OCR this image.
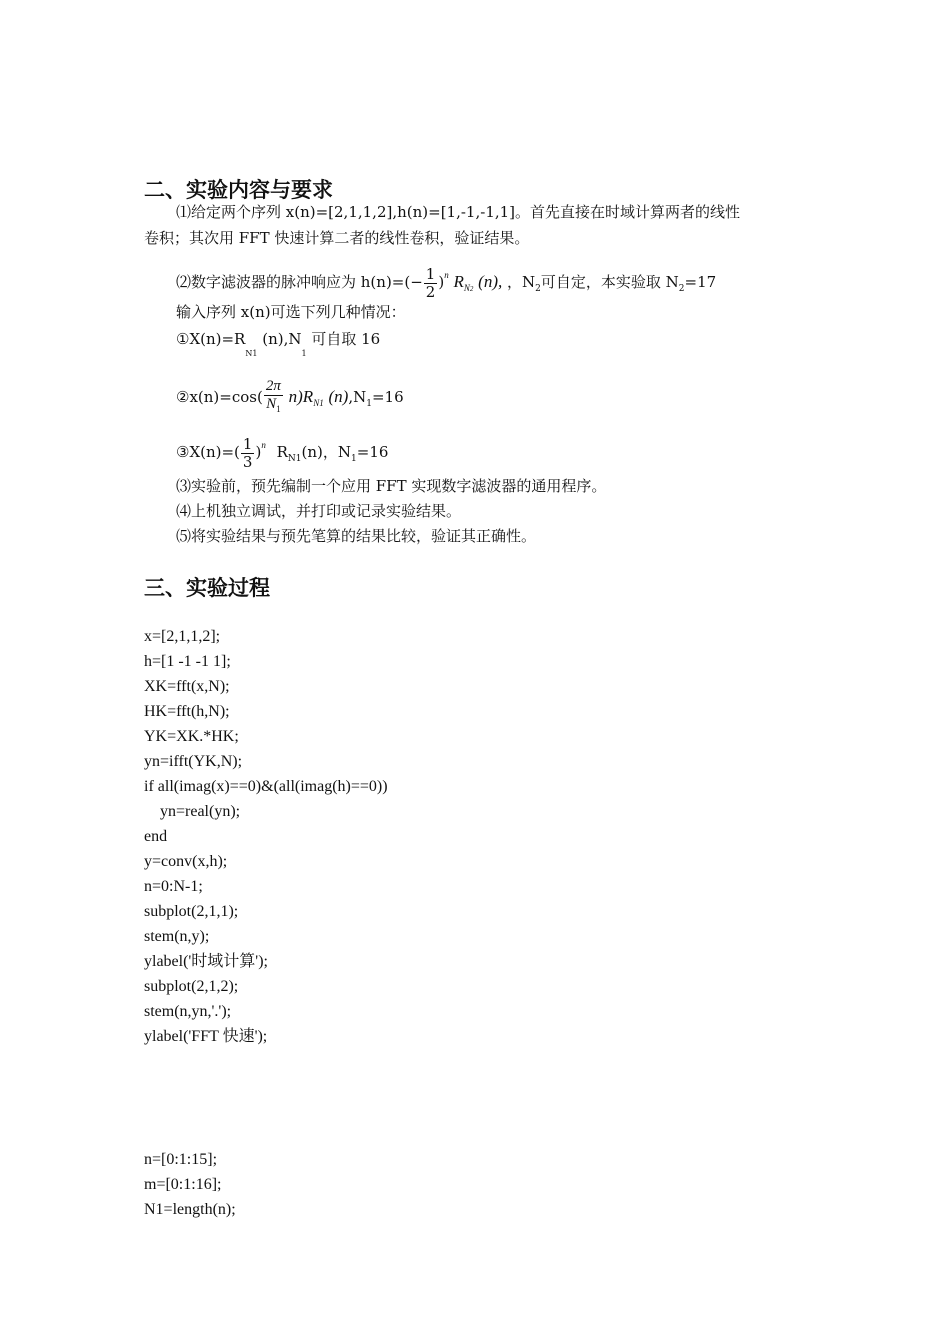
二、实验内容与要求
⑴给定两个序列 x(n)=[2,1,1,2],h(n)=[1,-1,-1,1]。首先直接在时域计算两者的线性
卷积；其次用 FFT 快速计算二者的线性卷积，验证结果。
⑵数字滤波器的脉冲响应为 $h(n)=(- \frac{1}{2} )^n$ $R_{N2}$ (n), ，$N_2$可自定，本实验取 $N_2=17$
输入序列 x(n)可选下列几种情况：
$①X(n)=R_{N1}$ $(n),N_1$ 可自取 16
②x(n)=cos( $\frac{2\pi}{N_1} n)R_{N1}$ $(n),N_1=16$
③X(n)=( $\frac{1}{3} )^n$ $R_{N1}(n)$，$N_1=16$
⑶实验前，预先编制一个应用 FFT 实现数字滤波器的通用程序。
⑷上机独立调试，并打印或记录实验结果。
⑸将实验结果与预先笔算的结果比较，验证其正确性。
三、实验过程
x=[2,1,1,2];
h=[1 -1 -1 1];
XK=fft(x,N);
HK=fft(h,N);
YK=XK.*HK;
yn=ifft(YK,N);
if all(imag(x)==0)&(all(imag(h)==0))
yn=real(yn);
end
y=conv(x,h);
n=0:N-1;
subplot(2,1,1);
stem(n,y);
ylabel('时域计算');
subplot(2,1,2);
stem(n,yn,'.');
ylabel('FFT 快速');
n=[0:1:15];
m=[0:1:16];
N1=length(n);
